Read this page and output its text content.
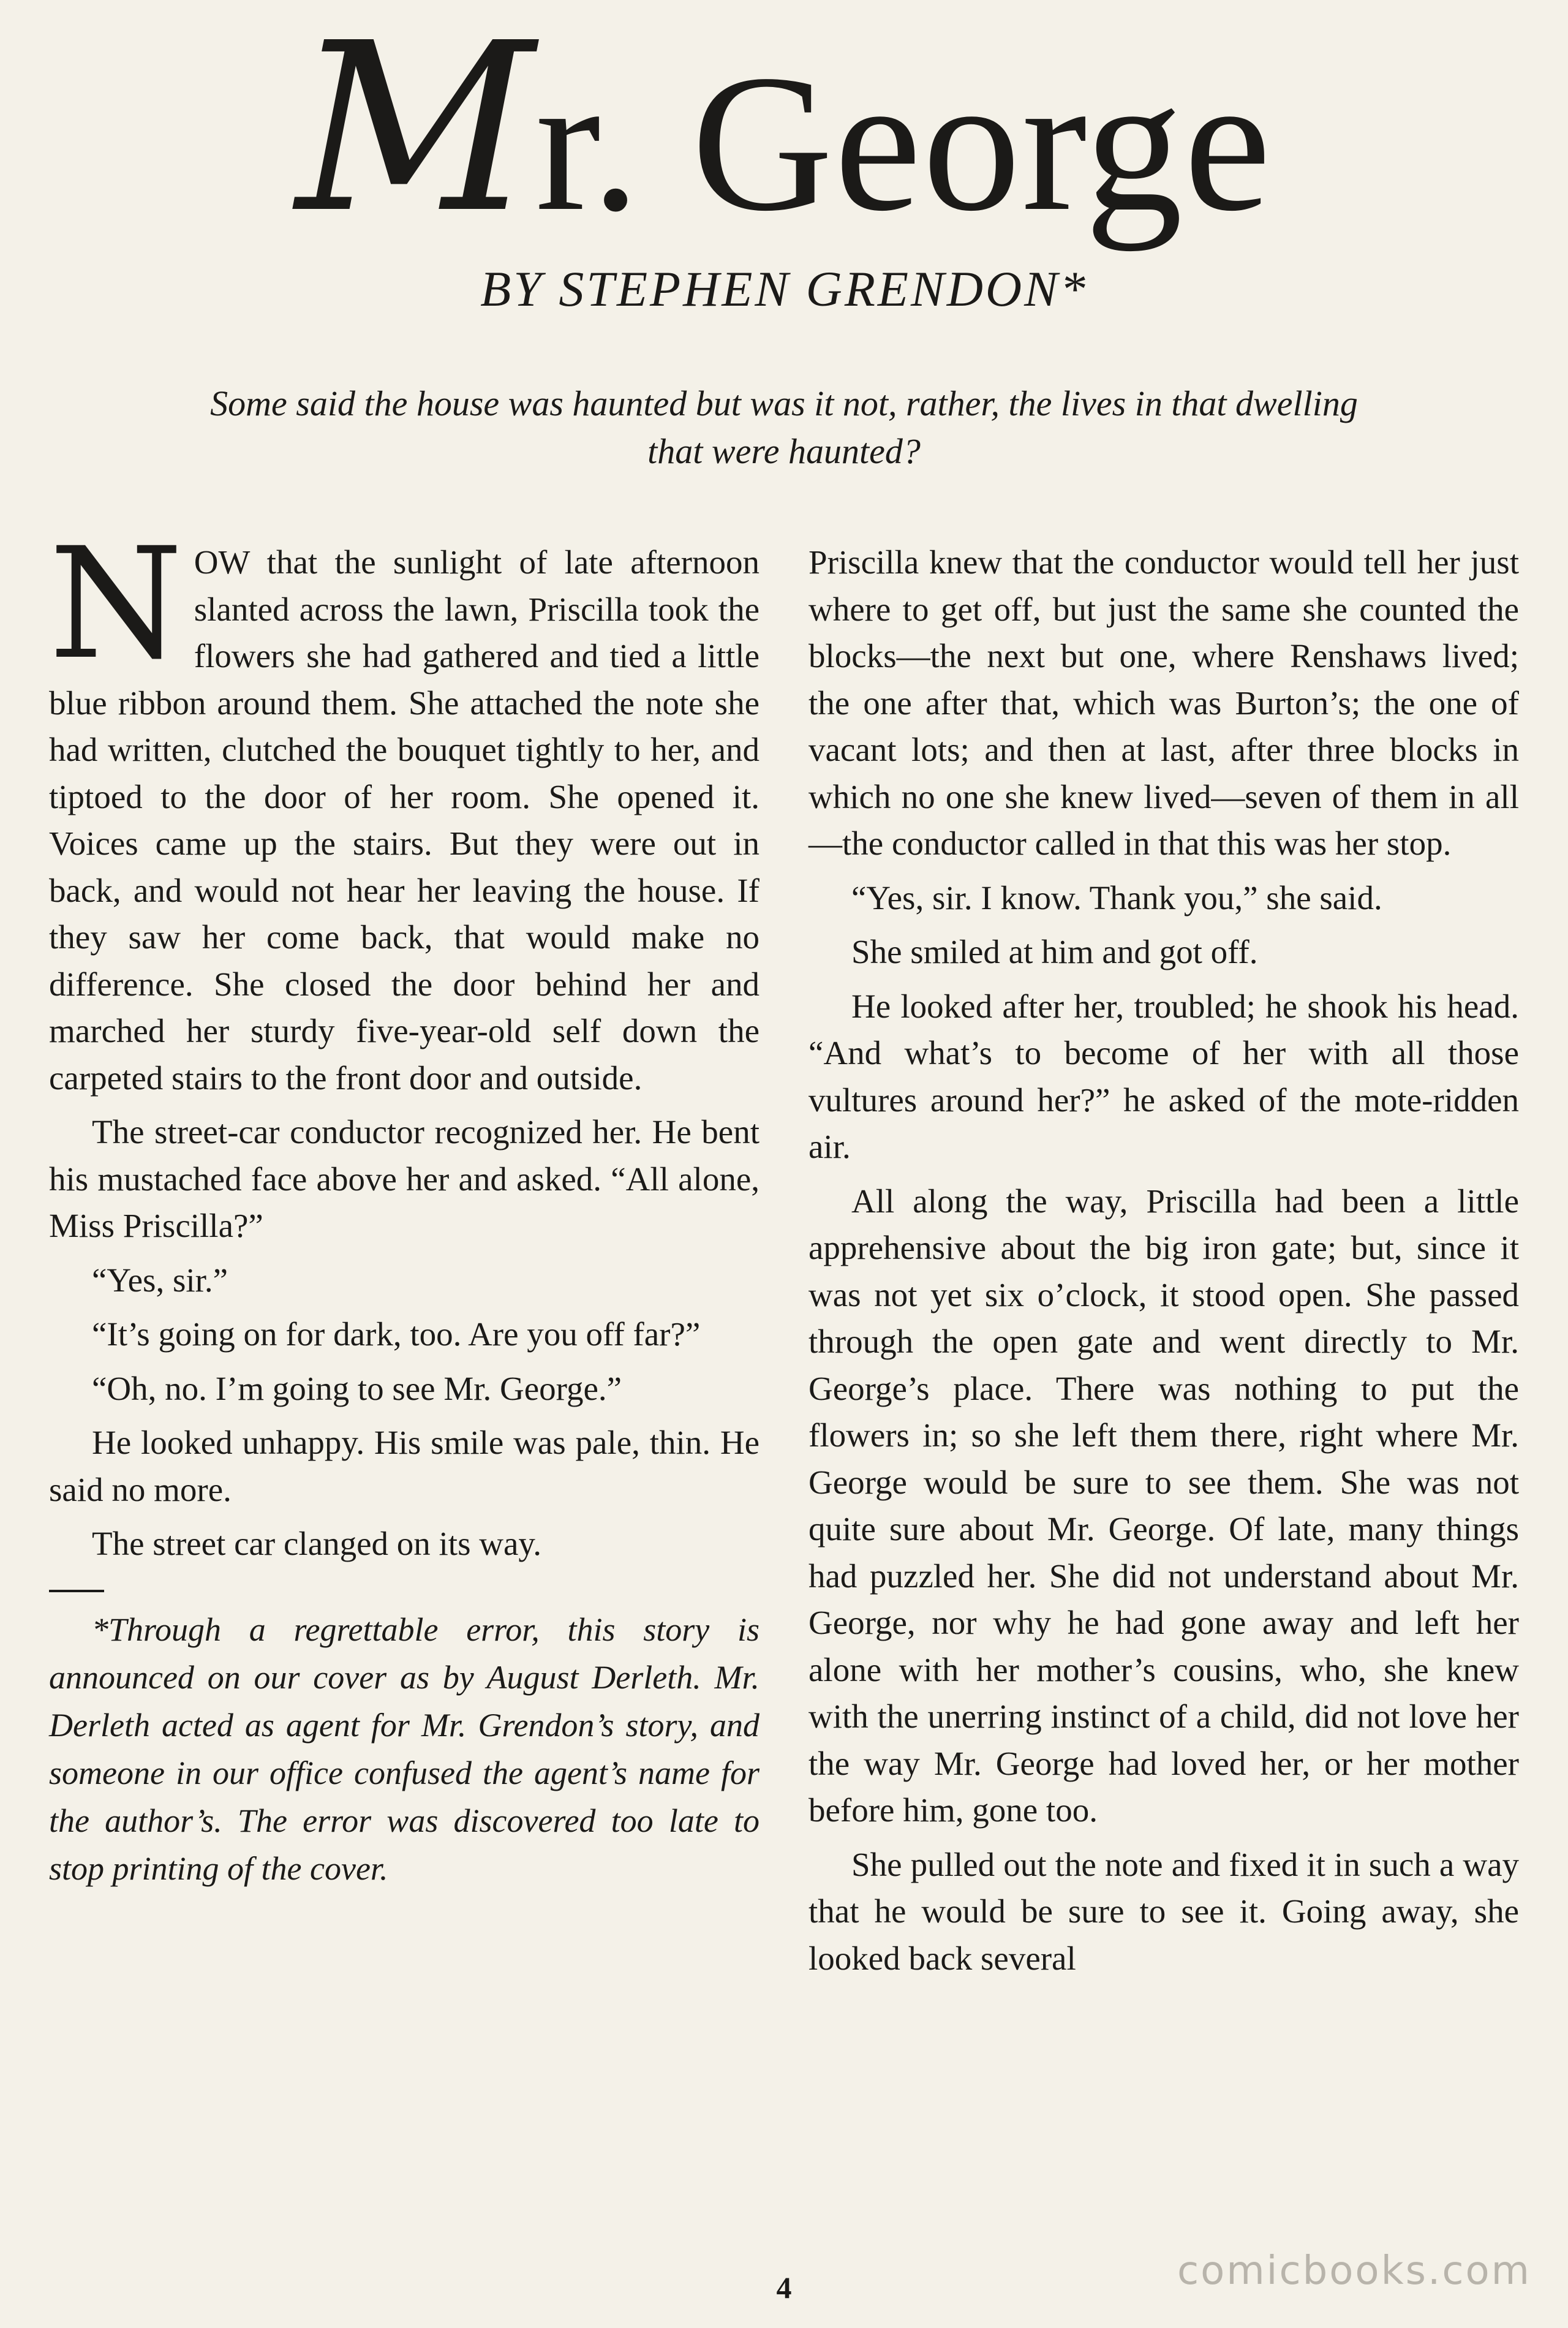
Mr. George
BY STEPHEN GRENDON*
Some said the house was haunted but was it not, rather, the lives in that dwelling that were haunted?

NOW that the sunlight of late afternoon slanted across the lawn, Priscilla took the flowers she had gathered and tied a little blue ribbon around them. She attached the note she had written, clutched the bouquet tightly to her, and tiptoed to the door of her room. She opened it. Voices came up the stairs. But they were out in back, and would not hear her leaving the house. If they saw her come back, that would make no difference. She closed the door behind her and marched her sturdy five-year-old self down the carpeted stairs to the front door and outside.

The street-car conductor recognized her. He bent his mustached face above her and asked. “All alone, Miss Priscilla?”

“Yes, sir.”

“It’s going on for dark, too. Are you off far?”

“Oh, no. I’m going to see Mr. George.”

He looked unhappy. His smile was pale, thin. He said no more.

The street car clanged on its way.

*Through a regrettable error, this story is announced on our cover as by August Derleth. Mr. Derleth acted as agent for Mr. Grendon’s story, and someone in our office confused the agent’s name for the author’s. The error was discovered too late to stop printing of the cover.

Priscilla knew that the conductor would tell her just where to get off, but just the same she counted the blocks—the next but one, where Renshaws lived; the one after that, which was Burton’s; the one of vacant lots; and then at last, after three blocks in which no one she knew lived—seven of them in all—the conductor called in that this was her stop.

“Yes, sir. I know. Thank you,” she said.

She smiled at him and got off.

He looked after her, troubled; he shook his head. “And what’s to become of her with all those vultures around her?” he asked of the mote-ridden air.

All along the way, Priscilla had been a little apprehensive about the big iron gate; but, since it was not yet six o’clock, it stood open. She passed through the open gate and went directly to Mr. George’s place. There was nothing to put the flowers in; so she left them there, right where Mr. George would be sure to see them. She was not quite sure about Mr. George. Of late, many things had puzzled her. She did not understand about Mr. George, nor why he had gone away and left her alone with her mother’s cousins, who, she knew with the unerring instinct of a child, did not love her the way Mr. George had loved her, or her mother before him, gone too.

She pulled out the note and fixed it in such a way that he would be sure to see it. Going away, she looked back several

4	comicbooks.com
